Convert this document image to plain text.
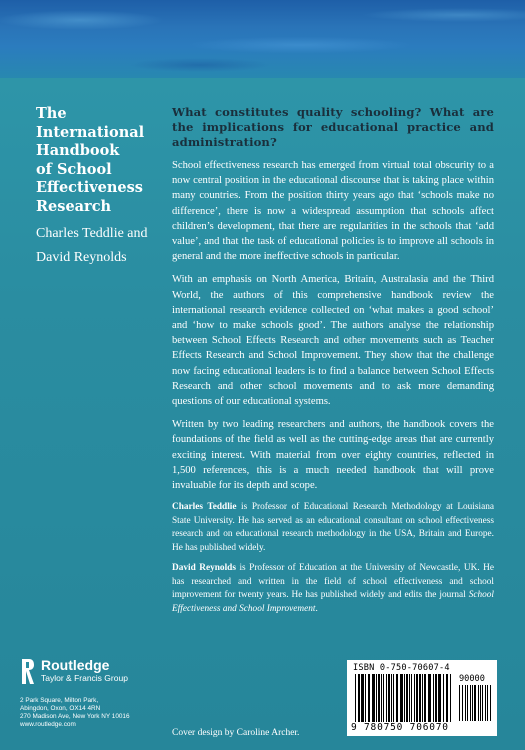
The
International
Handbook
of School
Effectiveness
Research
Charles Teddlie and
David Reynolds

What constitutes quality schooling? What are the implications for educational practice and administration?

School effectiveness research has emerged from virtual total obscurity to a now central position in the educational discourse that is taking place within many countries. From the position thirty years ago that ‘schools make no difference’, there is now a widespread assumption that schools affect children’s development, that there are regularities in the schools that ‘add value’, and that the task of educational policies is to improve all schools in general and the more ineffective schools in particular.

With an emphasis on North America, Britain, Australasia and the Third World, the authors of this comprehensive handbook review the international research evidence collected on ‘what makes a good school’ and ‘how to make schools good’. The authors analyse the relationship between School Effects Research and other movements such as Teacher Effects Research and School Improvement. They show that the challenge now facing educational leaders is to find a balance between School Effects Research and other school movements and to ask more demanding questions of our educational systems.

Written by two leading researchers and authors, the handbook covers the foundations of the field as well as the cutting-edge areas that are currently exciting interest. With material from over eighty countries, reflected in 1,500 references, this is a much needed handbook that will prove invaluable for its depth and scope.

Charles Teddlie is Professor of Educational Research Methodology at Louisiana State University. He has served as an educational consultant on school effectiveness research and on educational research methodology in the USA, Britain and Europe. He has published widely.

David Reynolds is Professor of Education at the University of Newcastle, UK. He has researched and written in the field of school effectiveness and school improvement for twenty years. He has published widely and edits the journal School Effectiveness and School Improvement.

Routledge
Taylor & Francis Group
2 Park Square, Milton Park,
Abingdon, Oxon, OX14 4RN
270 Madison Ave, New York NY 10016
www.routledge.com
Cover design by Caroline Archer.
ISBN 0-750-70607-4
90000
9 780750 706070
